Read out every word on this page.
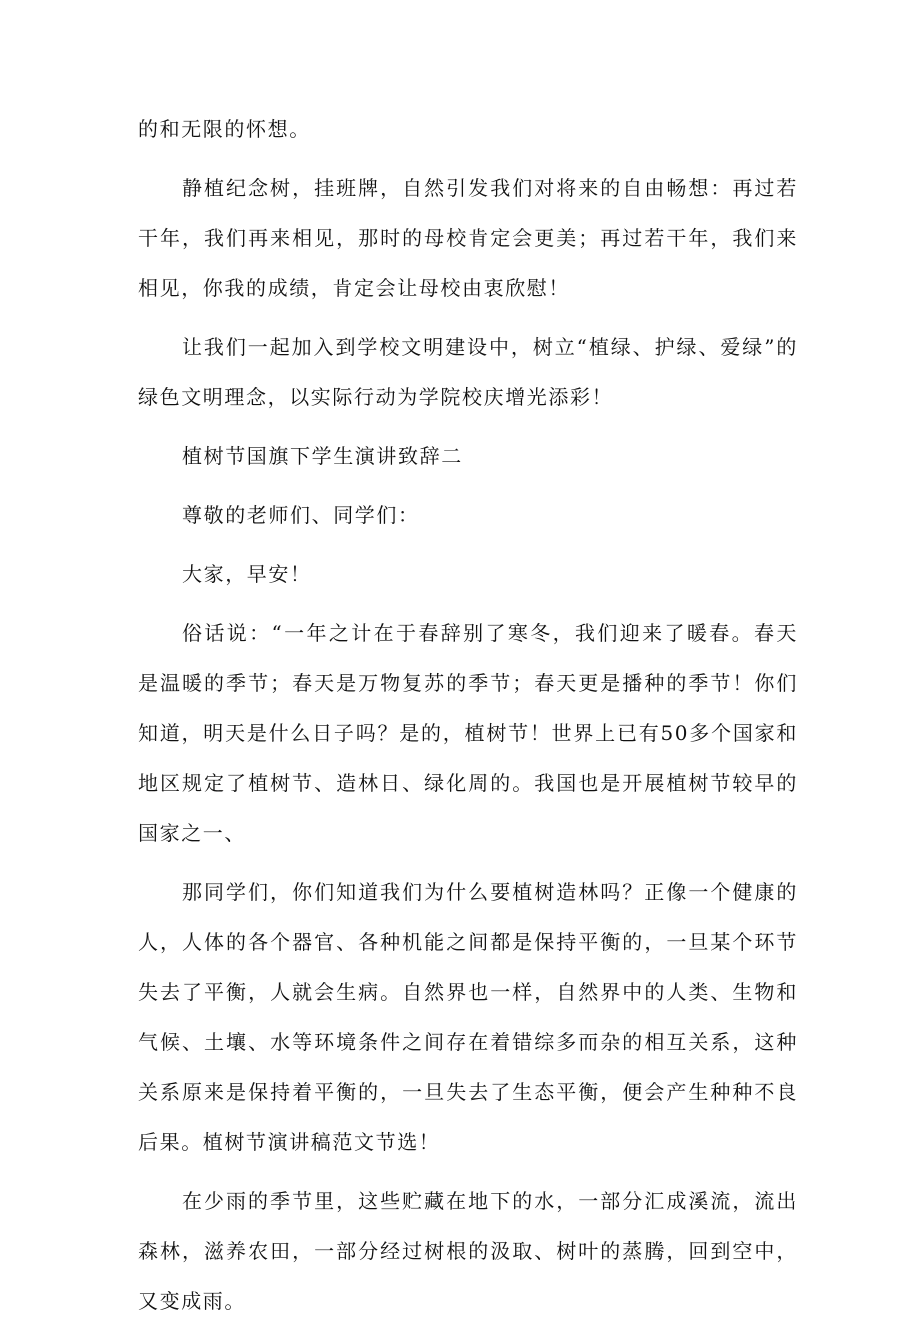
的和无限的怀想。

静植纪念树，挂班牌，自然引发我们对将来的自由畅想：再过若干年，我们再来相见，那时的母校肯定会更美；再过若干年，我们来相见，你我的成绩，肯定会让母校由衷欣慰！

让我们一起加入到学校文明建设中，树立“植绿、护绿、爱绿”的绿色文明理念，以实际行动为学院校庆增光添彩！

植树节国旗下学生演讲致辞二

尊敬的老师们、同学们：

大家，早安！

俗话说：“一年之计在于春辞别了寒冬，我们迎来了暖春。春天是温暖的季节；春天是万物复苏的季节；春天更是播种的季节！你们知道，明天是什么日子吗？是的，植树节！世界上已有50多个国家和地区规定了植树节、造林日、绿化周的。我国也是开展植树节较早的国家之一、

那同学们，你们知道我们为什么要植树造林吗？正像一个健康的人，人体的各个器官、各种机能之间都是保持平衡的，一旦某个环节失去了平衡，人就会生病。自然界也一样，自然界中的人类、生物和气候、土壤、水等环境条件之间存在着错综多而杂的相互关系，这种关系原来是保持着平衡的，一旦失去了生态平衡，便会产生种种不良后果。植树节演讲稿范文节选！

在少雨的季节里，这些贮藏在地下的水，一部分汇成溪流，流出森林，滋养农田，一部分经过树根的汲取、树叶的蒸腾，回到空中，又变成雨。
